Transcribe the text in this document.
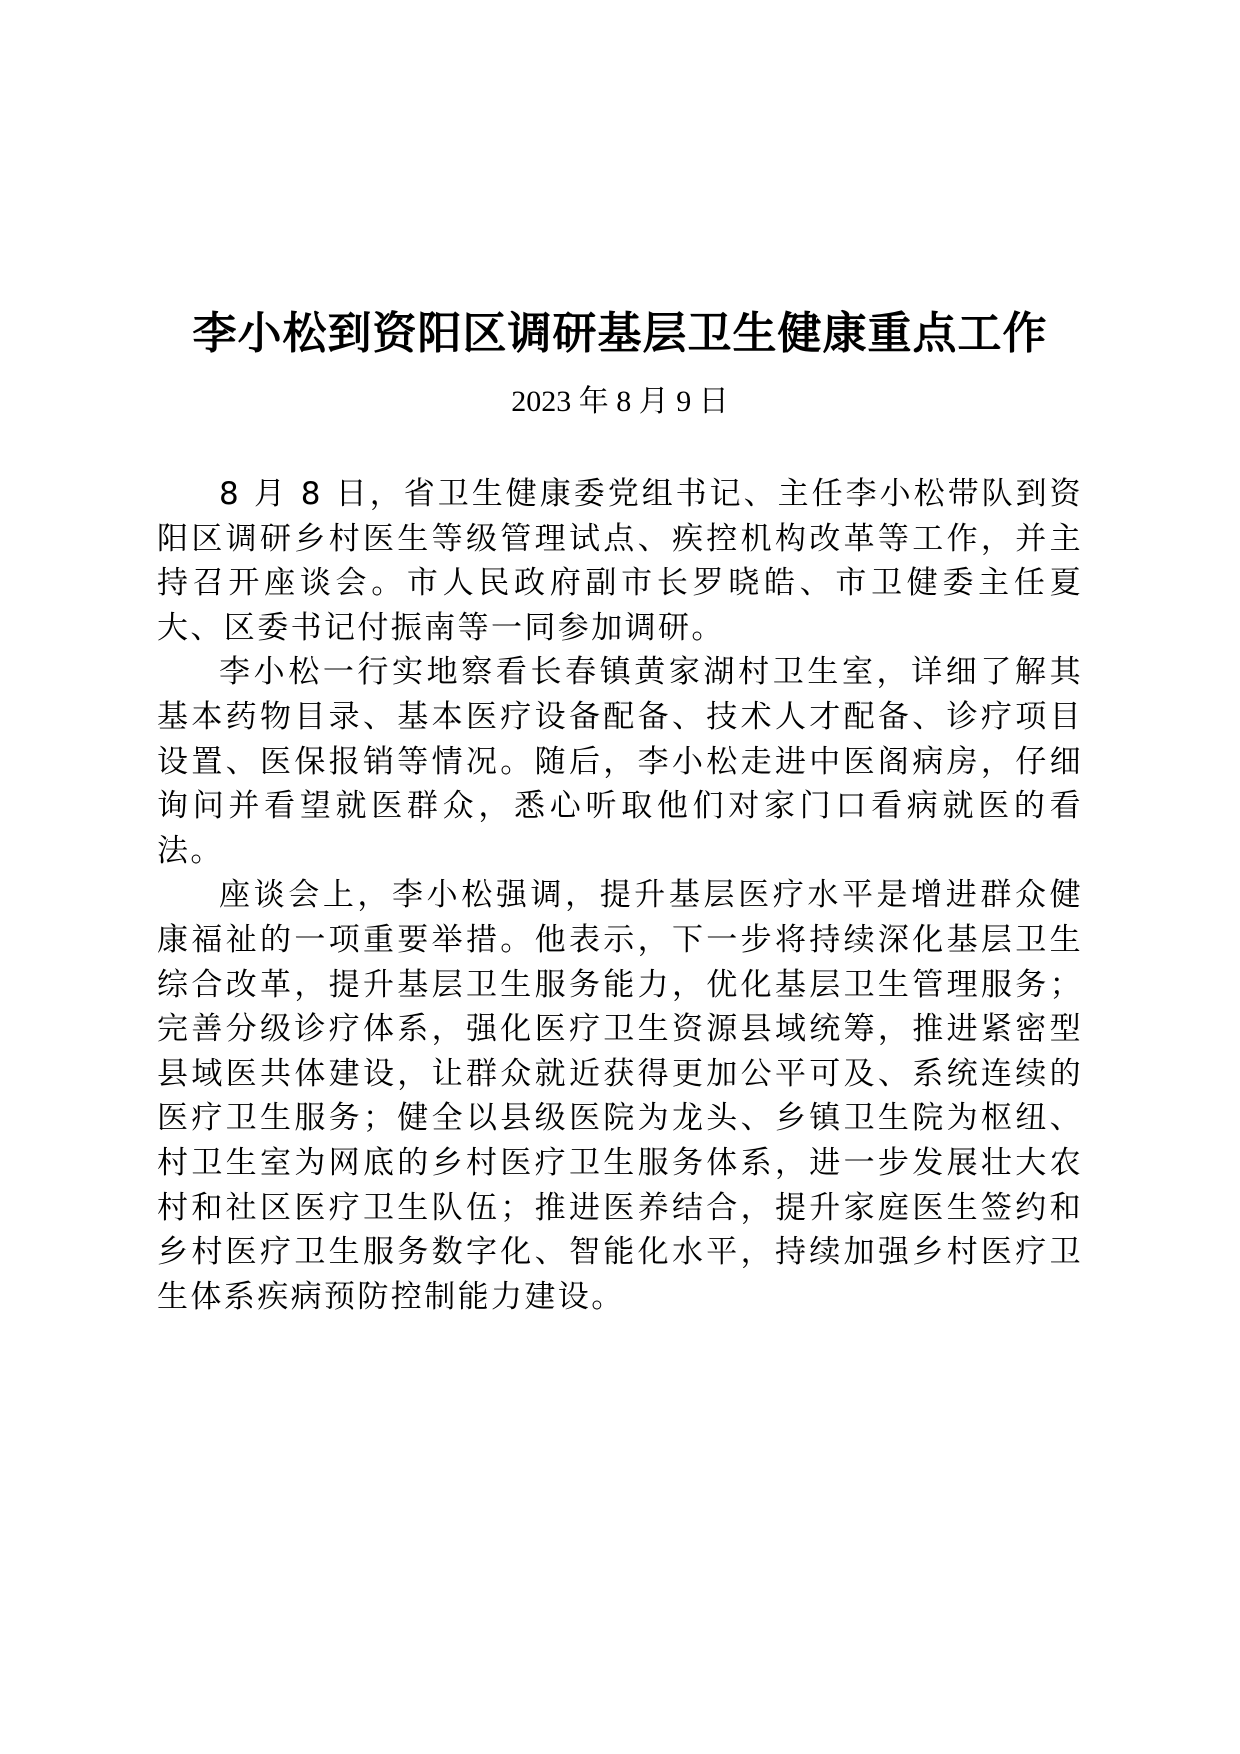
李小松到资阳区调研基层卫生健康重点工作
2023 年 8 月 9 日

8 月 8 日，省卫生健康委党组书记、主任李小松带队到资阳区调研乡村医生等级管理试点、疾控机构改革等工作，并主持召开座谈会。市人民政府副市长罗晓皓、市卫健委主任夏大、区委书记付振南等一同参加调研。

李小松一行实地察看长春镇黄家湖村卫生室，详细了解其基本药物目录、基本医疗设备配备、技术人才配备、诊疗项目设置、医保报销等情况。随后，李小松走进中医阁病房，仔细询问并看望就医群众，悉心听取他们对家门口看病就医的看法。

座谈会上，李小松强调，提升基层医疗水平是增进群众健康福祉的一项重要举措。他表示，下一步将持续深化基层卫生综合改革，提升基层卫生服务能力，优化基层卫生管理服务；完善分级诊疗体系，强化医疗卫生资源县域统筹，推进紧密型县域医共体建设，让群众就近获得更加公平可及、系统连续的医疗卫生服务；健全以县级医院为龙头、乡镇卫生院为枢纽、村卫生室为网底的乡村医疗卫生服务体系，进一步发展壮大农村和社区医疗卫生队伍；推进医养结合，提升家庭医生签约和乡村医疗卫生服务数字化、智能化水平，持续加强乡村医疗卫生体系疾病预防控制能力建设。
